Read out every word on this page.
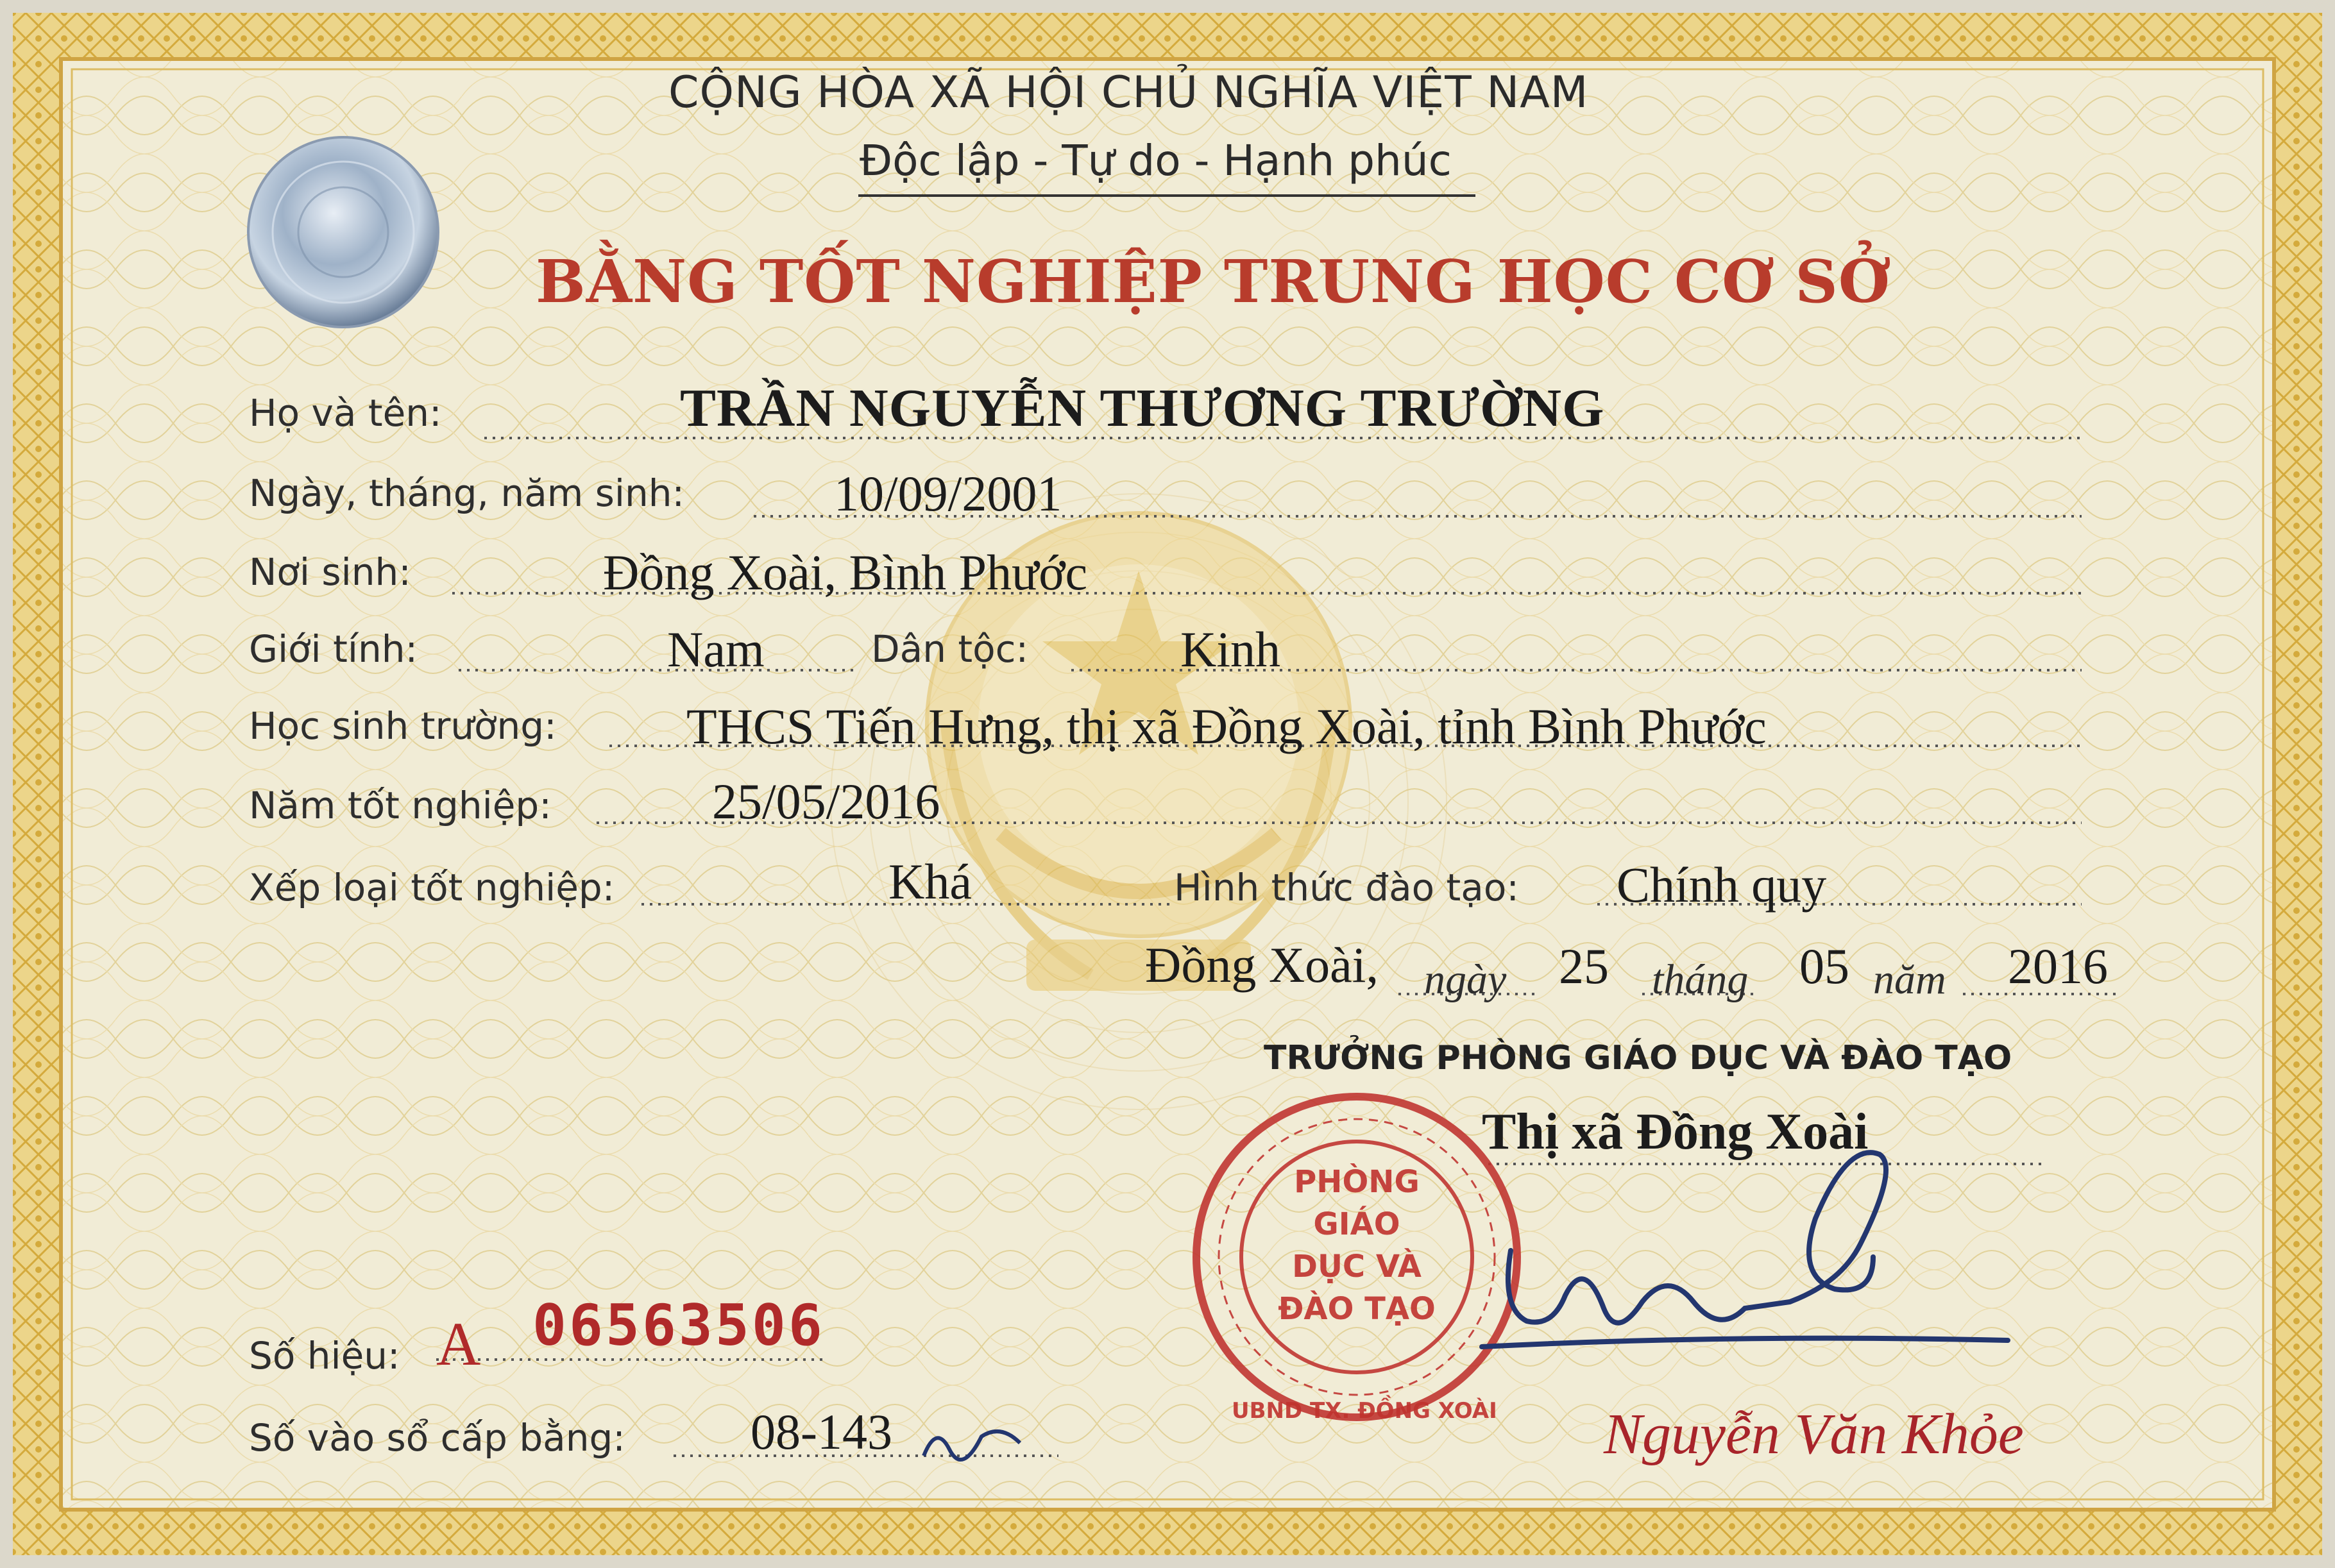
CỘNG HÒA XÃ HỘI CHỦ NGHĨA VIỆT NAM
Độc lập - Tự do - Hạnh phúc
BẰNG TỐT NGHIỆP TRUNG HỌC CƠ SỞ
Họ và tên:	TRẦN NGUYỄN THƯƠNG TRƯỜNG
Ngày, tháng, năm sinh:	10/09/2001
Nơi sinh:	Đồng Xoài, Bình Phước
Giới tính:	Nam	Dân tộc:	Kinh
Học sinh trường:	THCS Tiến Hưng, thị xã Đồng Xoài, tỉnh Bình Phước
Năm tốt nghiệp:	25/05/2016
Xếp loại tốt nghiệp:	Khá	Hình thức đào tạo: Chính quy
Đồng Xoài, ngày 25 tháng 05 năm 2016
TRƯỞNG PHÒNG GIÁO DỤC VÀ ĐÀO TẠO
Thị xã Đồng Xoài
PHÒNG GIÁO DỤC VÀ ĐÀO TẠO
UBND TX. ĐỒNG XOÀI Nguyễn Văn Khỏe
Số hiệu: A 06563506
Số vào sổ cấp bằng:	08-143
